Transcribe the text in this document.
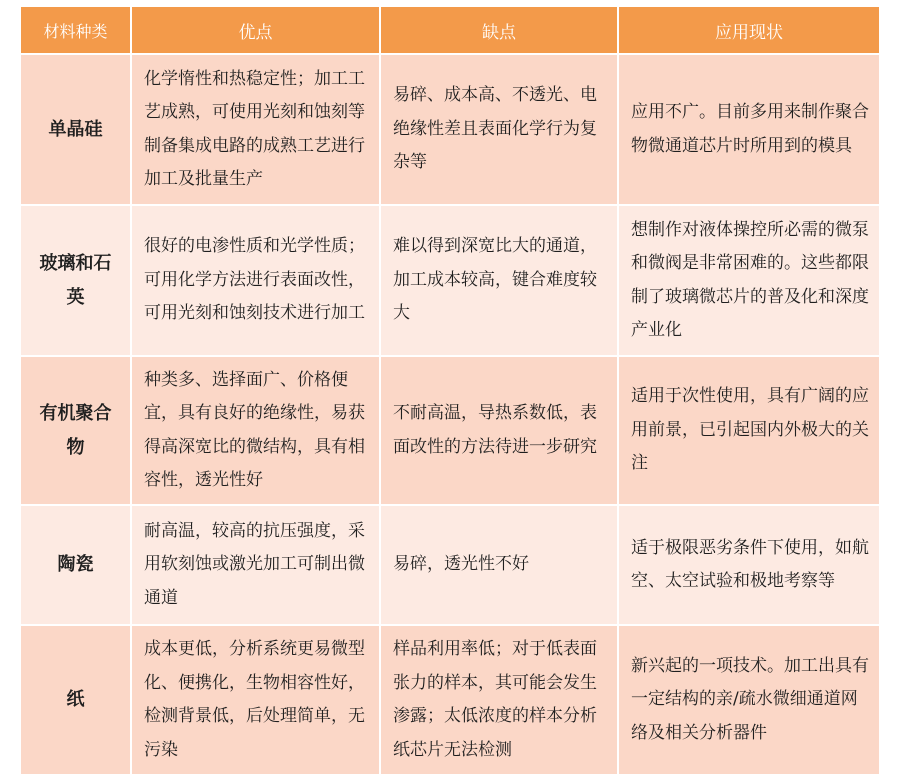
材料种类	优点	缺点	应用现状
单晶硅	化学惰性和热稳定性；加工工艺成熟，可使用光刻和蚀刻等制备集成电路的成熟工艺进行加工及批量生产	易碎、成本高、不透光、电绝缘性差且表面化学行为复杂等	应用不广。目前多用来制作聚合物微通道芯片时所用到的模具
玻璃和石英	很好的电渗性质和光学性质；可用化学方法进行表面改性，可用光刻和蚀刻技术进行加工	难以得到深宽比大的通道，加工成本较高，键合难度较大	想制作对液体操控所必需的微泵和微阀是非常困难的。这些都限制了玻璃微芯片的普及化和深度产业化
有机聚合物	种类多、选择面广、价格便宜，具有良好的绝缘性，易获得高深宽比的微结构，具有相容性，透光性好	不耐高温，导热系数低，表面改性的方法待进一步研究	适用于次性使用，具有广阔的应用前景，已引起国内外极大的关注
陶瓷	耐高温，较高的抗压强度，采用软刻蚀或激光加工可制出微通道	易碎，透光性不好	适于极限恶劣条件下使用，如航空、太空试验和极地考察等
纸	成本更低，分析系统更易微型化、便携化，生物相容性好，检测背景低，后处理简单，无污染	样品利用率低；对于低表面张力的样本，其可能会发生渗露；太低浓度的样本分析纸芯片无法检测	新兴起的一项技术。加工出具有一定结构的亲/疏水微细通道网络及相关分析器件
